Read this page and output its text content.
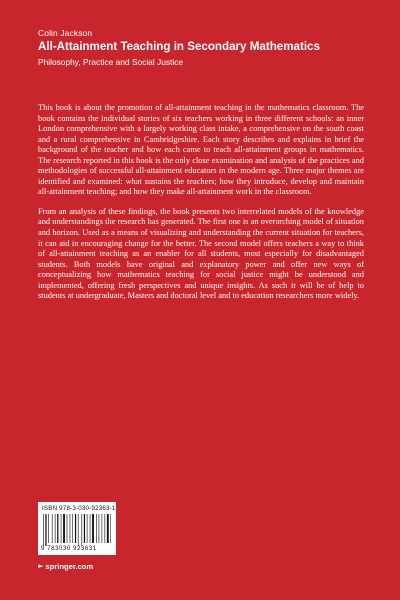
Colin Jackson
All-Attainment Teaching in Secondary Mathematics
Philosophy, Practice and Social Justice

This book is about the promotion of all-attainment teaching in the mathematics classroom. The book contains the individual stories of six teachers working in three different schools: an inner London comprehensive with a largely working class intake, a comprehensive on the south coast and a rural comprehensive in Cambridgeshire. Each story describes and explains in brief the background of the teacher and how each came to teach all-attainment groups in mathematics. The research reported in this book is the only close examination and analysis of the practices and methodologies of successful all-attainment educators in the modern age. Three major themes are identified and examined: what sustains the teachers; how they introduce, develop and maintain all-attainment teaching; and how they make all-attainment work in the classroom.

From an analysis of these findings, the book presents two interrelated models of the knowledge and understandings the research has generated. The first one is an overarching model of situation and horizon. Used as a means of visualizing and understanding the current situation for teachers, it can aid in encouraging change for the better. The second model offers teachers a way to think of all-attainment teaching as an enabler for all students, most especially for disadvantaged students. Both models have original and explanatory power and offer new ways of conceptualizing how mathematics teaching for social justice might be understood and implemented, offering fresh perspectives and unique insights. As such it will be of help to students at undergraduate, Masters and doctoral level and to education researchers more widely.

ISBN 978-3-030-92363-1
9 783030 923631
► springer.com
